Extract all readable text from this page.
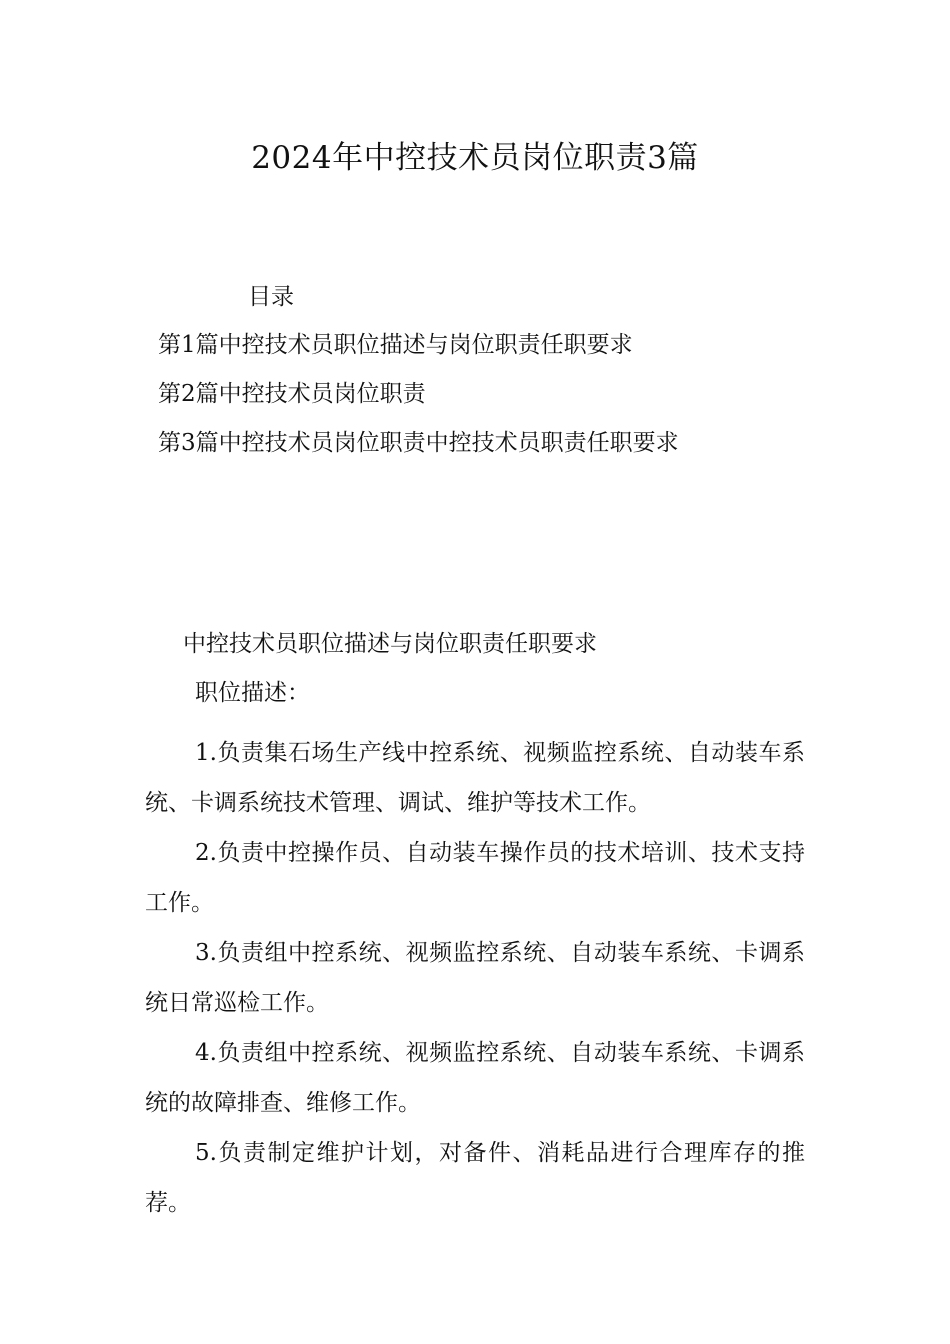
2024年中控技术员岗位职责3篇
目录
第1篇中控技术员职位描述与岗位职责任职要求
第2篇中控技术员岗位职责
第3篇中控技术员岗位职责中控技术员职责任职要求
中控技术员职位描述与岗位职责任职要求
职位描述：

1.负责集石场生产线中控系统、视频监控系统、自动装车系统、卡调系统技术管理、调试、维护等技术工作。

2.负责中控操作员、自动装车操作员的技术培训、技术支持工作。

3.负责组中控系统、视频监控系统、自动装车系统、卡调系统日常巡检工作。

4.负责组中控系统、视频监控系统、自动装车系统、卡调系统的故障排查、维修工作。

5.负责制定维护计划，对备件、消耗品进行合理库存的推荐。
